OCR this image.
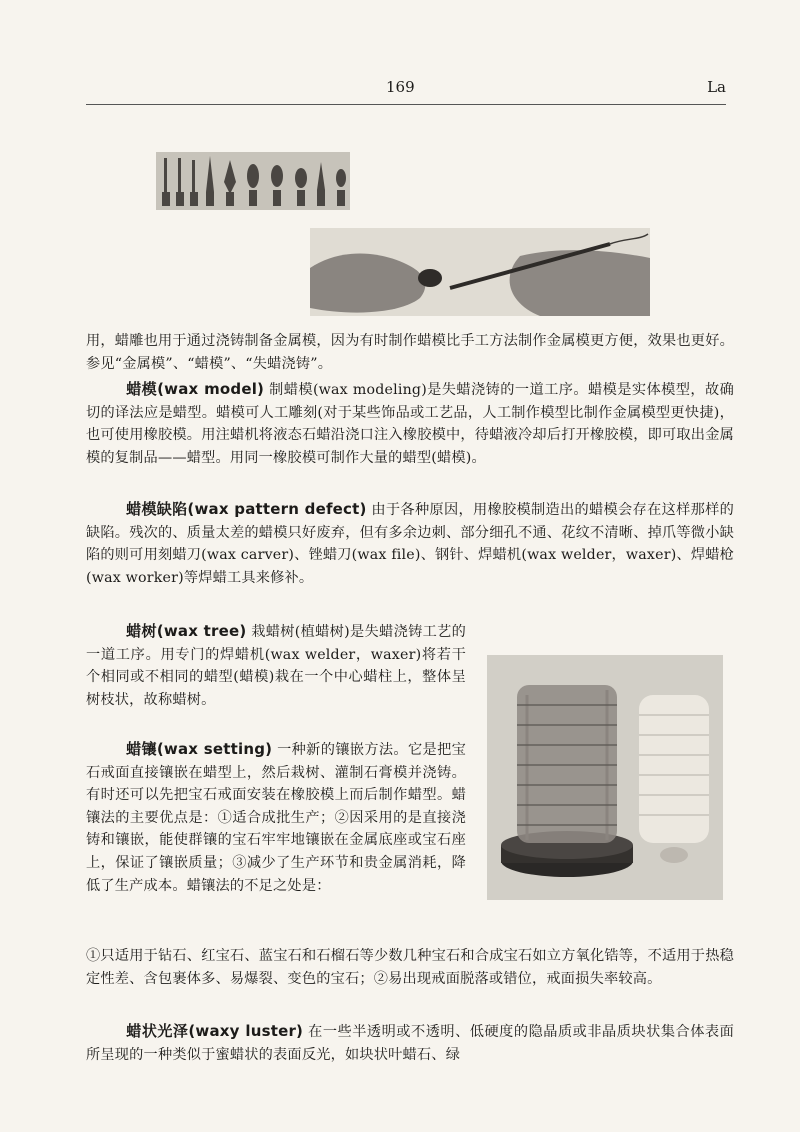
169	La
用，蜡雕也用于通过浇铸制备金属模，因为有时制作蜡模比手工方法制作金属模更方便，效果也更好。参见“金属模”、“蜡模”、“失蜡浇铸”。
蜡模(wax model) 制蜡模(wax modeling)是失蜡浇铸的一道工序。蜡模是实体模型，故确切的译法应是蜡型。蜡模可人工雕刻(对于某些饰品或工艺品，人工制作模型比制作金属模型更快捷)，也可使用橡胶模。用注蜡机将液态石蜡沿浇口注入橡胶模中，待蜡液冷却后打开橡胶模，即可取出金属模的复制品——蜡型。用同一橡胶模可制作大量的蜡型(蜡模)。
蜡模缺陷(wax pattern defect) 由于各种原因，用橡胶模制造出的蜡模会存在这样那样的缺陷。残次的、质量太差的蜡模只好废弃，但有多余边刺、部分细孔不通、花纹不清晰、掉爪等微小缺陷的则可用刻蜡刀(wax carver)、锉蜡刀(wax file)、钢针、焊蜡机(wax welder，waxer)、焊蜡枪(wax worker)等焊蜡工具来修补。
蜡树(wax tree) 栽蜡树(植蜡树)是失蜡浇铸工艺的一道工序。用专门的焊蜡机(wax welder，waxer)将若干个相同或不相同的蜡型(蜡模)栽在一个中心蜡柱上，整体呈树枝状，故称蜡树。
蜡镶(wax setting) 一种新的镶嵌方法。它是把宝石戒面直接镶嵌在蜡型上，然后栽树、灌制石膏模并浇铸。有时还可以先把宝石戒面安装在橡胶模上而后制作蜡型。蜡镶法的主要优点是：①适合成批生产；②因采用的是直接浇铸和镶嵌，能使群镶的宝石牢牢地镶嵌在金属底座或宝石座上，保证了镶嵌质量；③减少了生产环节和贵金属消耗，降低了生产成本。蜡镶法的不足之处是：
①只适用于钻石、红宝石、蓝宝石和石榴石等少数几种宝石和合成宝石如立方氧化锆等，不适用于热稳定性差、含包裹体多、易爆裂、变色的宝石；②易出现戒面脱落或错位，戒面损失率较高。
蜡状光泽(waxy luster) 在一些半透明或不透明、低硬度的隐晶质或非晶质块状集合体表面所呈现的一种类似于蜜蜡状的表面反光，如块状叶蜡石、绿
